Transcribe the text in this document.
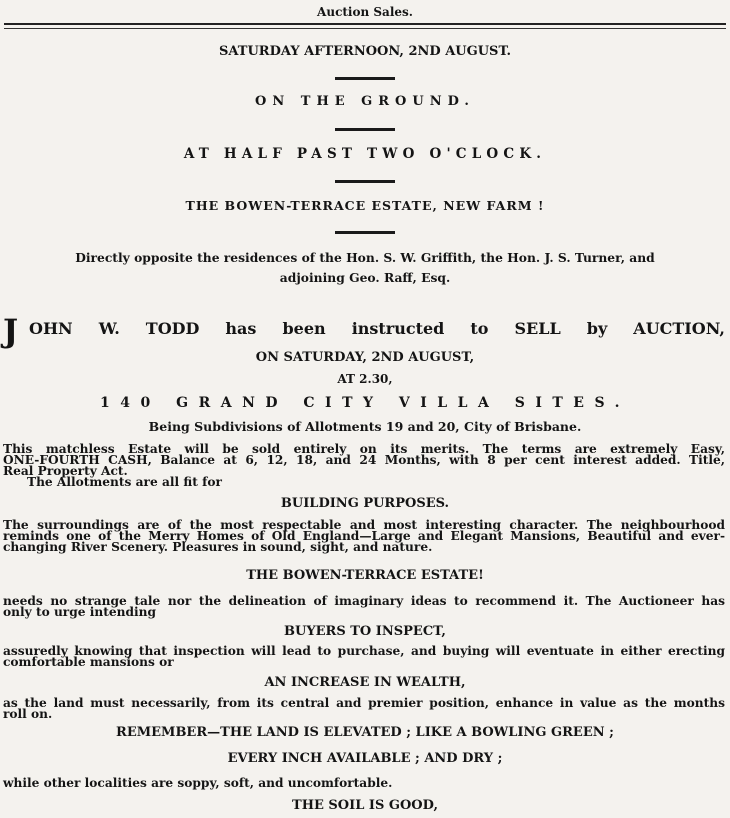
Auction Sales.
SATURDAY AFTERNOON, 2ND AUGUST.
ON THE GROUND.
AT HALF PAST TWO O'CLOCK.
THE BOWEN-TERRACE ESTATE, NEW FARM !
Directly opposite the residences of the Hon. S. W. Griffith, the Hon. J. S. Turner, and
adjoining Geo. Raff, Esq.
J OHN W. TODD has been instructed to SELL by AUCTION,
ON SATURDAY, 2ND AUGUST,
AT 2.30,
140 GRAND CITY VILLA SITES.
Being Subdivisions of Allotments 19 and 20, City of Brisbane.
This matchless Estate will be sold entirely on its merits. The terms are extremely Easy,
ONE-FOURTH CASH, Balance at 6, 12, 18, and 24 Months, with 8 per cent interest added. Title,
Real Property Act.
The Allotments are all fit for
BUILDING PURPOSES.
The surroundings are of the most respectable and most interesting character. The neighbourhood
reminds one of the Merry Homes of Old England—Large and Elegant Mansions, Beautiful and ever-
changing River Scenery. Pleasures in sound, sight, and nature.
THE BOWEN-TERRACE ESTATE!
needs no strange tale nor the delineation of imaginary ideas to recommend it. The Auctioneer has
only to urge intending
BUYERS TO INSPECT,
assuredly knowing that inspection will lead to purchase, and buying will eventuate in either erecting
comfortable mansions or
AN INCREASE IN WEALTH,
as the land must necessarily, from its central and premier position, enhance in value as the months
roll on.
REMEMBER—THE LAND IS ELEVATED ; LIKE A BOWLING GREEN ;
EVERY INCH AVAILABLE ; AND DRY ;
while other localities are soppy, soft, and uncomfortable.
THE SOIL IS GOOD,
